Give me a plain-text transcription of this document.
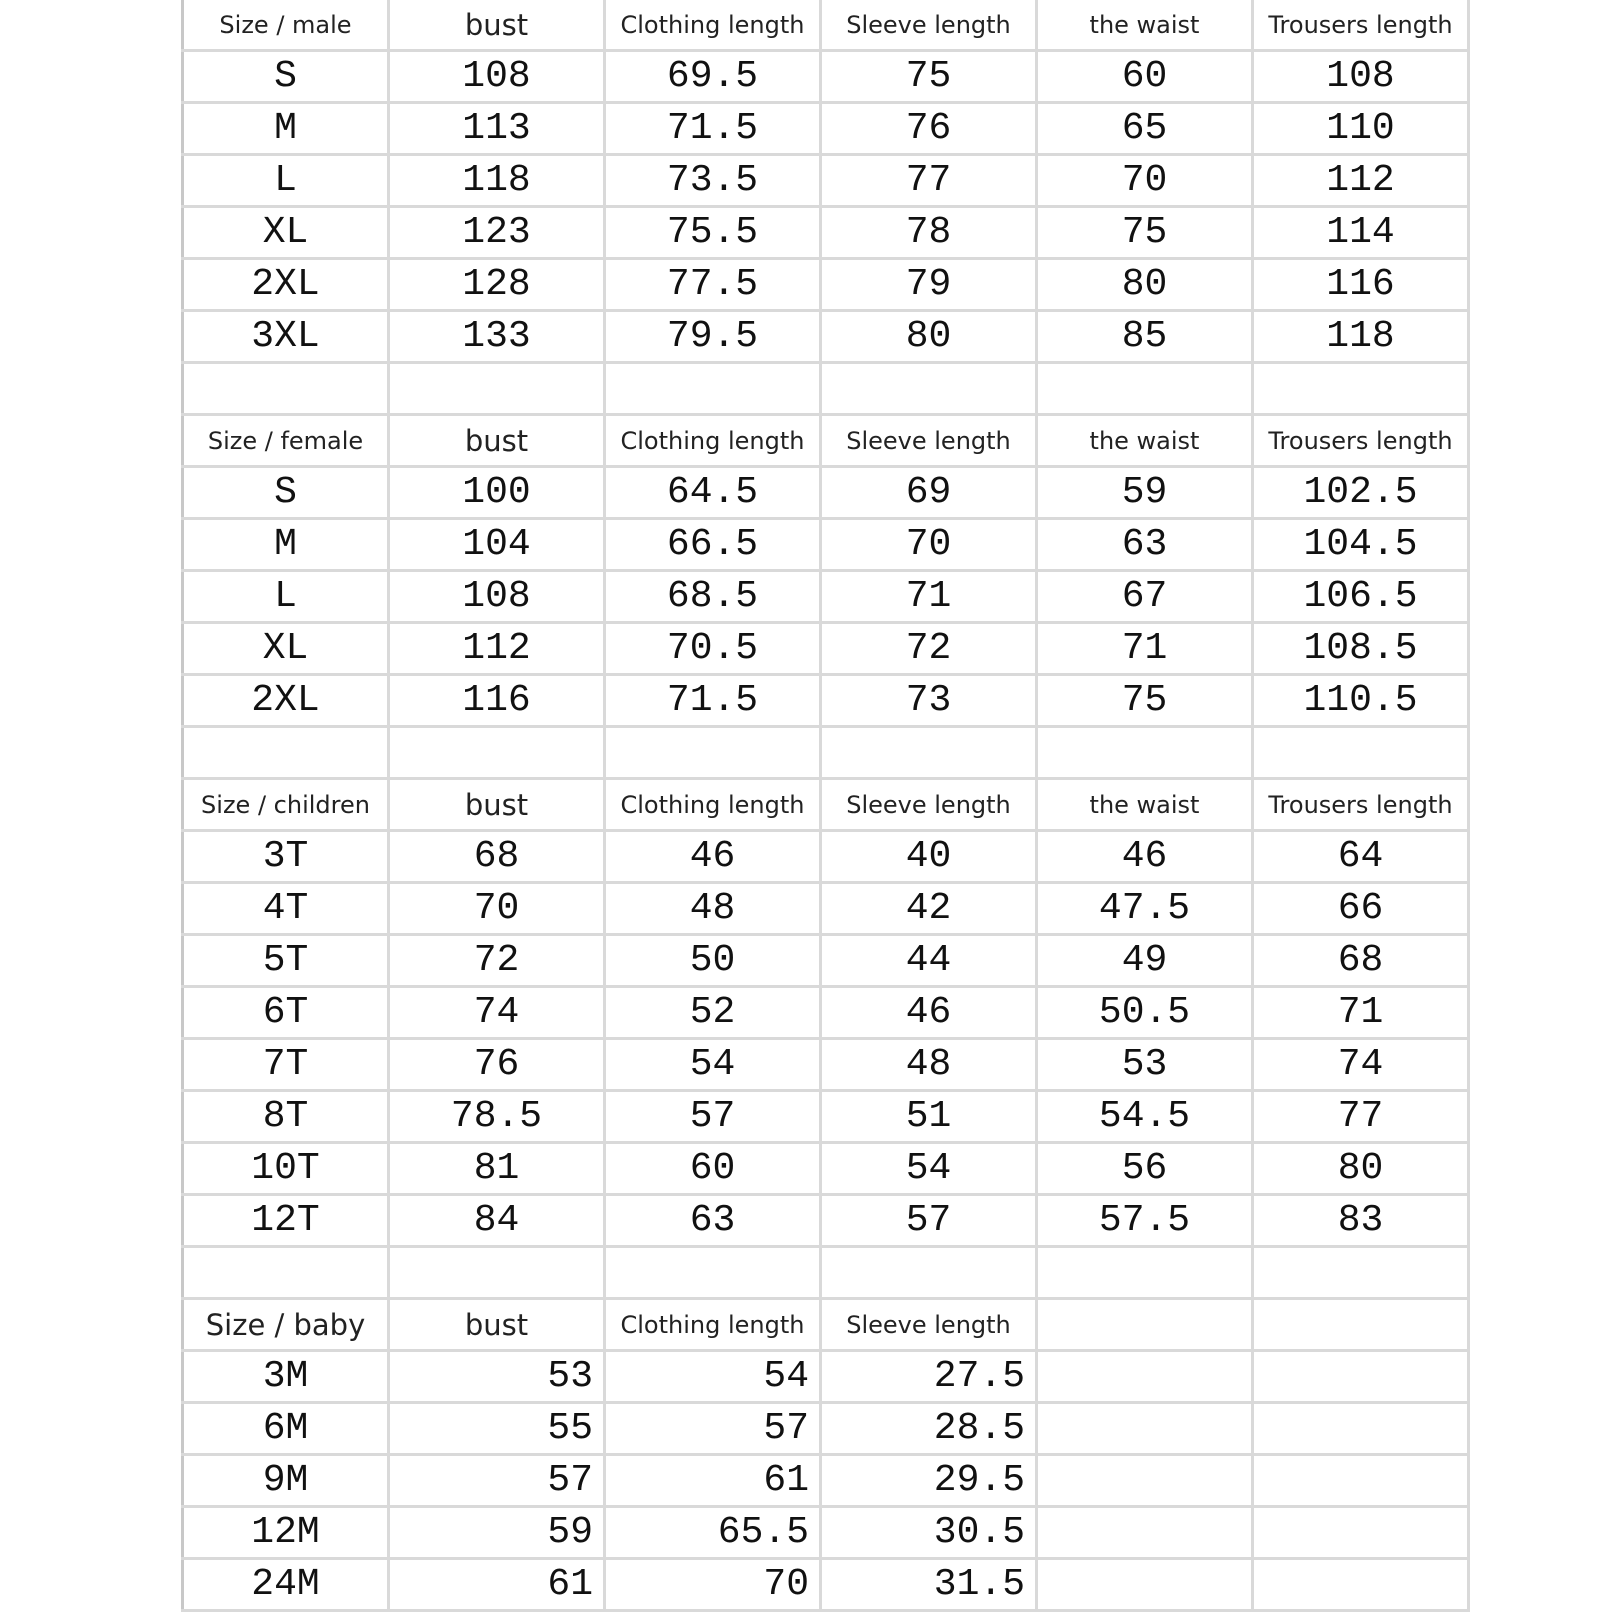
Size / male	bust	Clothing length	Sleeve length	the waist	Trousers length
S	108	69.5	75	60	108
M	113	71.5	76	65	110
L	118	73.5	77	70	112
XL	123	75.5	78	75	114
2XL	128	77.5	79	80	116
3XL	133	79.5	80	85	118

Size / female	bust	Clothing length	Sleeve length	the waist	Trousers length
S	100	64.5	69	59	102.5
M	104	66.5	70	63	104.5
L	108	68.5	71	67	106.5
XL	112	70.5	72	71	108.5
2XL	116	71.5	73	75	110.5

Size / children	bust	Clothing length	Sleeve length	the waist	Trousers length
3T	68	46	40	46	64
4T	70	48	42	47.5	66
5T	72	50	44	49	68
6T	74	52	46	50.5	71
7T	76	54	48	53	74
8T	78.5	57	51	54.5	77
10T	81	60	54	56	80
12T	84	63	57	57.5	83

Size / baby	bust	Clothing length	Sleeve length		
3M	53	54	27.5		
6M	55	57	28.5		
9M	57	61	29.5		
12M	59	65.5	30.5		
24M	61	70	31.5		
